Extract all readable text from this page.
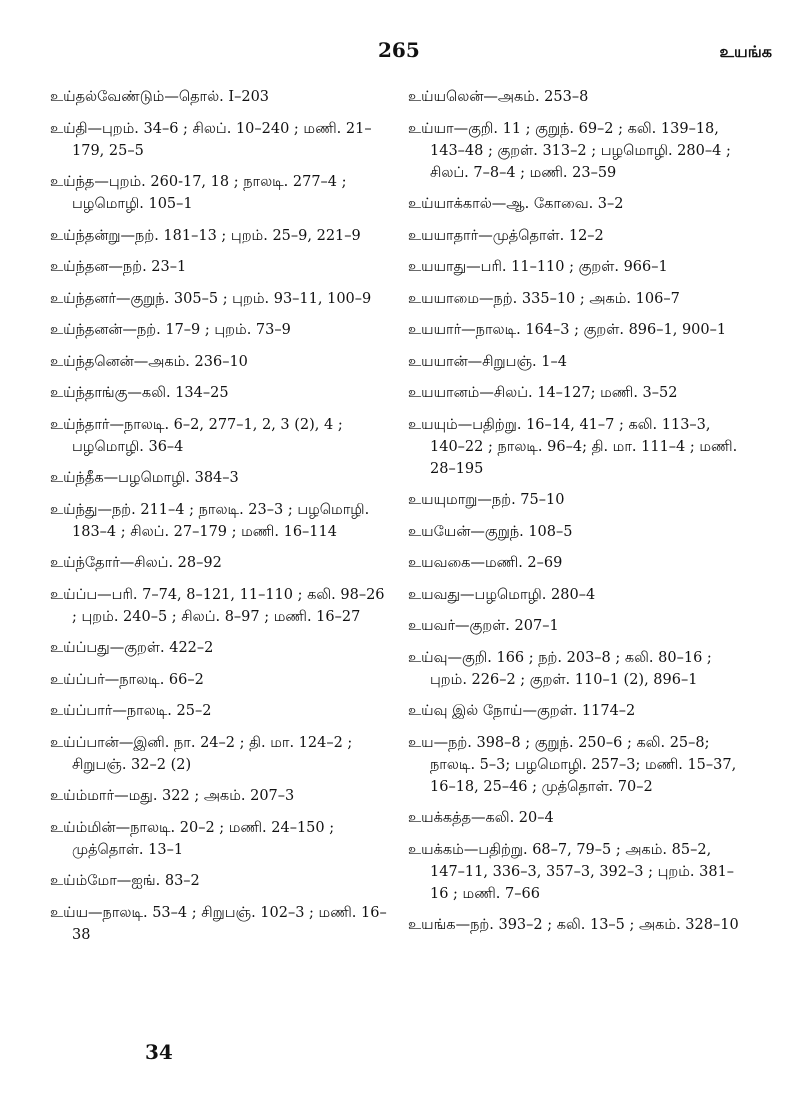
265	உயங்க
உய்தல்வேண்டும்—தொல். I–203
உய்தி—புறம். 34–6 ; சிலப். 10–240 ; மணி. 21–179, 25–5
உய்ந்த—புறம். 260-17, 18 ; நாலடி. 277–4 ; பழமொழி. 105–1
உய்ந்தன்று—நற். 181–13 ; புறம். 25–9, 221–9
உய்ந்தன—நற். 23–1
உய்ந்தனர்—குறுந். 305–5 ; புறம். 93–11, 100–9
உய்ந்தனன்—நற். 17–9 ; புறம். 73–9
உய்ந்தனென்—அகம். 236–10
உய்ந்தாங்கு—கலி. 134–25
உய்ந்தார்—நாலடி. 6–2, 277–1, 2, 3 (2), 4 ; பழமொழி. 36–4
உய்ந்தீக—பழமொழி. 384–3
உய்ந்து—நற். 211–4 ; நாலடி. 23–3 ; பழமொழி. 183–4 ; சிலப். 27–179 ; மணி. 16–114
உய்ந்தோர்—சிலப். 28–92
உய்ப்ப—பரி. 7–74, 8–121, 11–110 ; கலி. 98–26 ; புறம். 240–5 ; சிலப். 8–97 ; மணி. 16–27
உய்ப்பது—குறள். 422–2
உய்ப்பர்—நாலடி. 66–2
உய்ப்பார்—நாலடி. 25–2
உய்ப்பான்—இனி. நா. 24–2 ; தி. மா. 124–2 ; சிறுபஞ். 32–2 (2)
உய்ம்மார்—மது. 322 ; அகம். 207–3
உய்ம்மின்—நாலடி. 20–2 ; மணி. 24–150 ; முத்தொள். 13–1
உய்ம்மோ—ஐங். 83–2
உய்ய—நாலடி. 53–4 ; சிறுபஞ். 102–3 ; மணி. 16–38
உய்யலென்—அகம். 253–8
உய்யா—குறி. 11 ; குறுந். 69–2 ; கலி. 139–18, 143–48 ; குறள். 313–2 ; பழமொழி. 280–4 ; சிலப். 7–8–4 ; மணி. 23–59
உய்யாக்கால்—ஆ. கோவை. 3–2
உயயாதார்—முத்தொள். 12–2
உயயாது—பரி. 11–110 ; குறள். 966–1
உயயாமை—நற். 335–10 ; அகம். 106–7
உயயார்—நாலடி. 164–3 ; குறள். 896–1, 900–1
உயயான்—சிறுபஞ். 1–4
உயயானம்—சிலப். 14–127; மணி. 3–52
உயயும்—பதிற்று. 16–14, 41–7 ; கலி. 113–3, 140–22 ; நாலடி. 96–4; தி. மா. 111–4 ; மணி. 28–195
உயயுமாறு—நற். 75–10
உயயேன்—குறுந். 108–5
உயவகை—மணி. 2–69
உயவது—பழமொழி. 280–4
உயவர்—குறள். 207–1
உய்வு—குறி. 166 ; நற். 203–8 ; கலி. 80–16 ; புறம். 226–2 ; குறள். 110–1 (2), 896–1
உய்வு இல் நோய்—குறள். 1174–2
உய—நற். 398–8 ; குறுந். 250–6 ; கலி. 25–8; நாலடி. 5–3; பழமொழி. 257–3; மணி. 15–37, 16–18, 25–46 ; முத்தொள். 70–2
உயக்கத்த—கலி. 20–4
உயக்கம்—பதிற்று. 68–7, 79–5 ; அகம். 85–2, 147–11, 336–3, 357–3, 392–3 ; புறம். 381–16 ; மணி. 7–66
உயங்க—நற். 393–2 ; கலி. 13–5 ; அகம். 328–10
34
